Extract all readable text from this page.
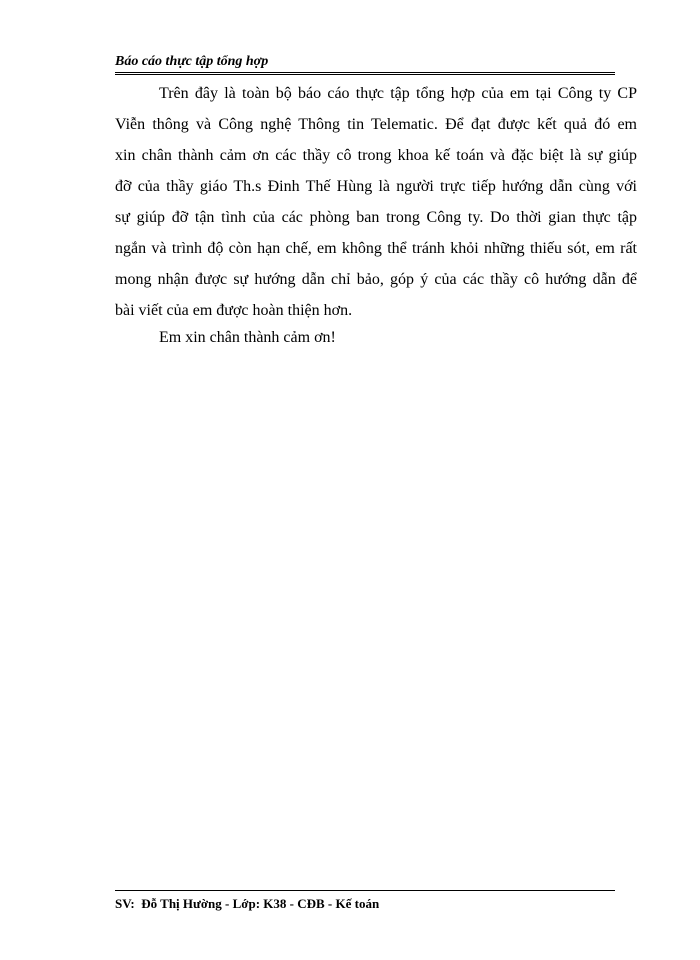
Báo cáo thực tập tổng hợp
Trên đây là toàn bộ báo cáo thực tập tổng hợp của em tại Công ty CP
Viễn thông và Công nghệ Thông tin Telematic. Để đạt được kết quả đó em
xin chân thành cảm ơn các thầy cô trong khoa kế toán và đặc biệt là sự giúp
đỡ của thầy giáo Th.s Đinh Thế Hùng là người trực tiếp hướng dẫn cùng với
sự giúp đỡ tận tình của các phòng ban trong Công ty. Do thời gian thực tập
ngắn và trình độ còn hạn chế, em không thể tránh khỏi những thiếu sót, em rất
mong nhận được sự hướng dẫn chỉ bảo, góp ý của các thầy cô hướng dẫn để
bài viết của em được hoàn thiện hơn.
Em xin chân thành cảm ơn!
SV:  Đỗ Thị Hường - Lớp: K38 - CĐB - Kế toán
